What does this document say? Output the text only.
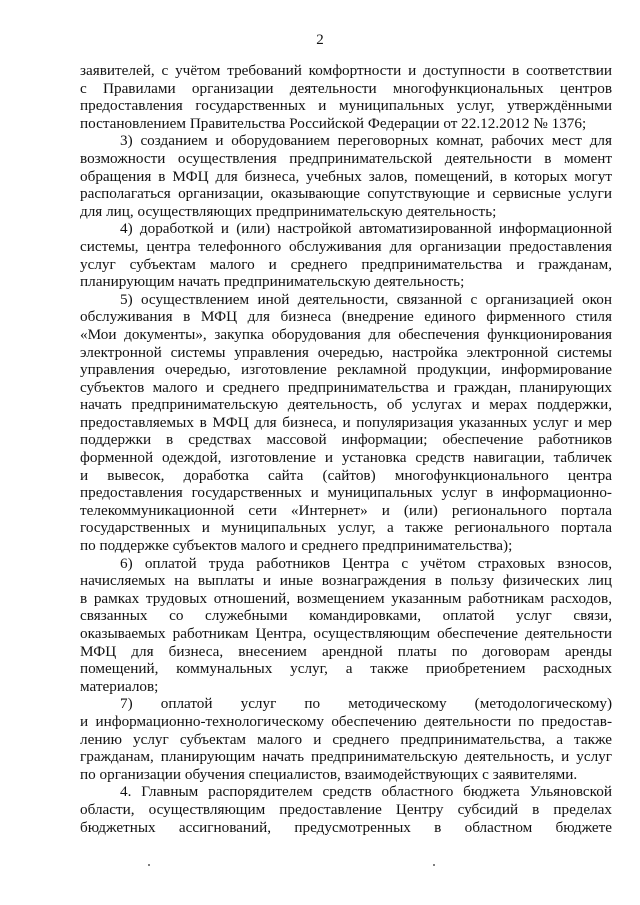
2

заявителей, с учётом требований комфортности и доступности в соответствии
с Правилами организации деятельности многофункциональных центров
предоставления государственных и муниципальных услуг, утверждёнными
постановлением Правительства Российской Федерации от 22.12.2012 № 1376;

3) созданием и оборудованием переговорных комнат, рабочих мест для
возможности осуществления предпринимательской деятельности в момент
обращения в МФЦ для бизнеса, учебных залов, помещений, в которых могут
располагаться организации, оказывающие сопутствующие и сервисные услуги
для лиц, осуществляющих предпринимательскую деятельность;

4) доработкой и (или) настройкой автоматизированной информационной
системы, центра телефонного обслуживания для организации предоставления
услуг субъектам малого и среднего предпринимательства и гражданам,
планирующим начать предпринимательскую деятельность;

5) осуществлением иной деятельности, связанной с организацией окон
обслуживания в МФЦ для бизнеса (внедрение единого фирменного стиля
«Мои документы», закупка оборудования для обеспечения функционирования
электронной системы управления очередью, настройка электронной системы
управления очередью, изготовление рекламной продукции, информирование
субъектов малого и среднего предпринимательства и граждан, планирующих
начать предпринимательскую деятельность, об услугах и мерах поддержки,
предоставляемых в МФЦ для бизнеса, и популяризация указанных услуг и мер
поддержки в средствах массовой информации; обеспечение работников
форменной одеждой, изготовление и установка средств навигации, табличек
и вывесок, доработка сайта (сайтов) многофункционального центра
предоставления государственных и муниципальных услуг в информационно-
телекоммуникационной сети «Интернет» и (или) регионального портала
государственных и муниципальных услуг, а также регионального портала
по поддержке субъектов малого и среднего предпринимательства);

6) оплатой труда работников Центра с учётом страховых взносов,
начисляемых на выплаты и иные вознаграждения в пользу физических лиц
в рамках трудовых отношений, возмещением указанным работникам расходов,
связанных со служебными командировками, оплатой услуг связи,
оказываемых работникам Центра, осуществляющим обеспечение деятельности
МФЦ для бизнеса, внесением арендной платы по договорам аренды
помещений, коммунальных услуг, а также приобретением расходных
материалов;

7) оплатой услуг по методическому (методологическому)
и информационно-технологическому обеспечению деятельности по предостав-
лению услуг субъектам малого и среднего предпринимательства, а также
гражданам, планирующим начать предпринимательскую деятельность, и услуг
по организации обучения специалистов, взаимодействующих с заявителями.

4. Главным распорядителем средств областного бюджета Ульяновской
области, осуществляющим предоставление Центру субсидий в пределах
бюджетных ассигнований, предусмотренных в областном бюджете
